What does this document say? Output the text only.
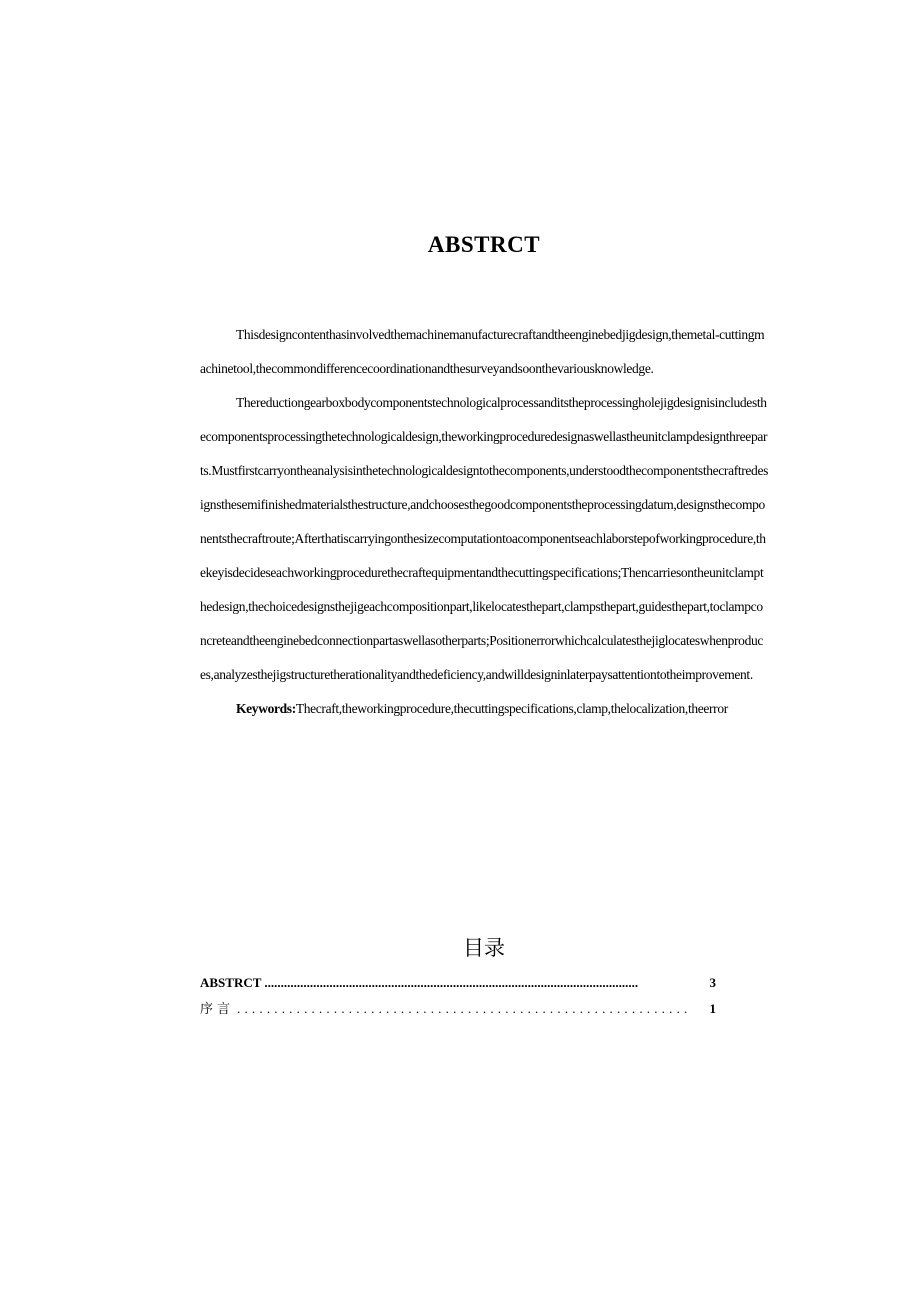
ABSTRCT

Thisdesigncontenthasinvolvedthemachinemanufacturecraftandtheenginebedjigdesign,themetal-cuttingmachinetool,thecommondifferencecoordinationandthesurveyandsoonthevariousknowledge.

Thereductiongearboxbodycomponentstechnologicalprocessanditstheprocessingholejigdesignisincludesthecomponentsprocessingthetechnologicaldesign,theworkingproceduredesignaswellastheunitclampdesignthreeparts.Mustfirstcarryontheanalysisinthetechnologicaldesigntothecomponents,understoodthecomponentsthecraftredesignsthesemifinishedmaterialsthestructure,andchoosesthegoodcomponentstheprocessingdatum,designsthecomponentsthecraftroute;Afterthatiscarryingonthesizecomputationtoacomponentseachlaborstepofworkingprocedure,thekeyisdecideseachworkingprocedurethecraftequipmentandthecuttingspecifications;Thencarriesontheunitclampthedesign,thechoicedesignsthejigeachcompositionpart,likelocatesthepart,clampsthepart,guidesthepart,toclampconcreteandtheenginebedconnectionpartaswellasotherparts;Positionerrorwhichcalculatesthejiglocateswhenproduces,analyzesthejigstructuretherationalityandthedeficiency,andwilldesigninlaterpaysattentiontotheimprovement.

Keywords:Thecraft,theworkingprocedure,thecuttingspecifications,clamp,thelocalization,theerror

目录
ABSTRCT ...................................................................................................................	3
序言 .............................................................	1
